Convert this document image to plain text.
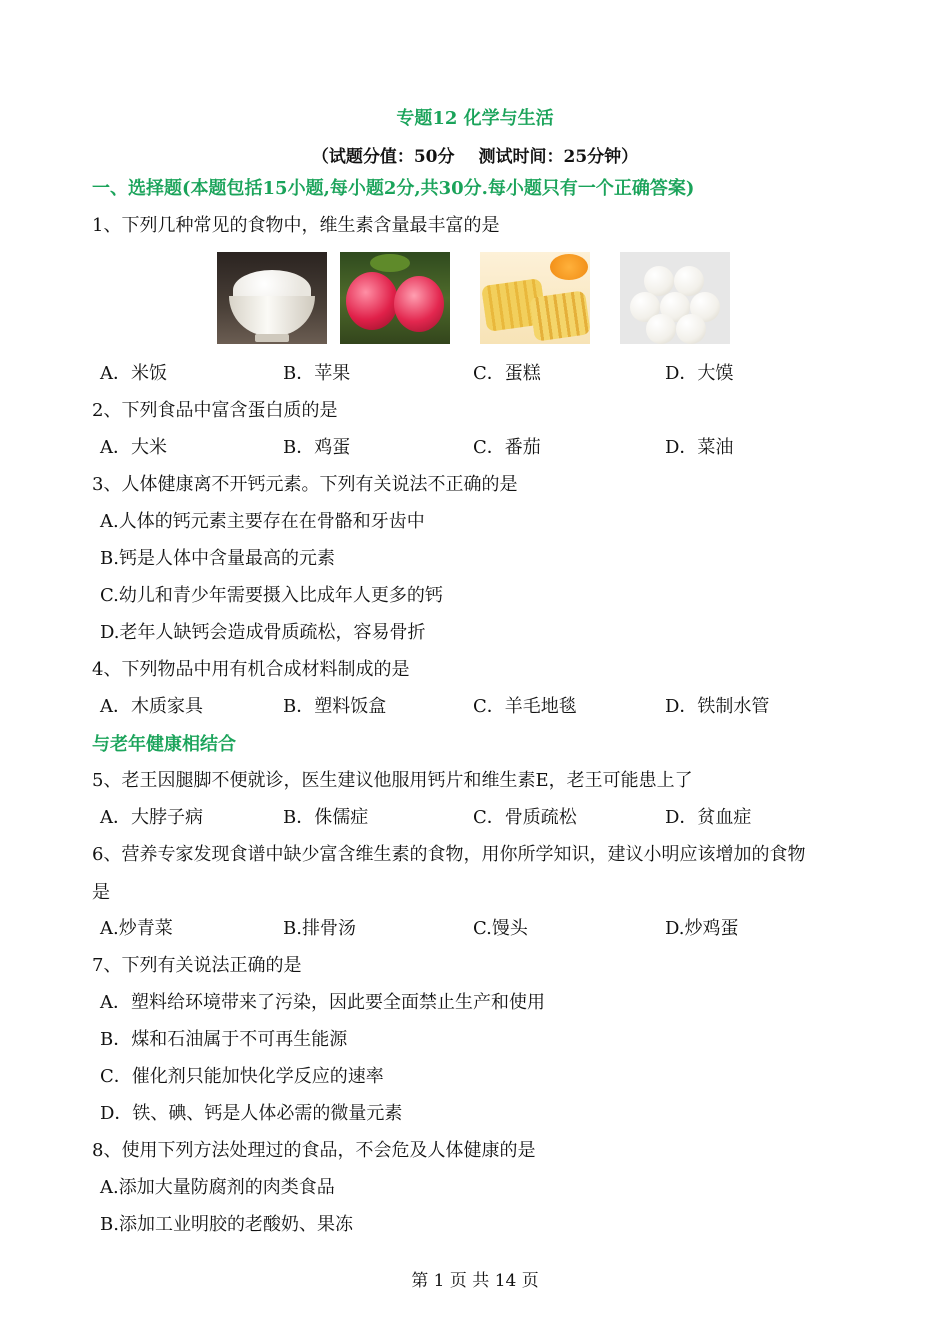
专题12 化学与生活
（试题分值：50分 测试时间：25分钟）
一、选择题(本题包括15小题,每小题2分,共30分.每小题只有一个正确答案)
1、下列几种常见的食物中，维生素含量最丰富的是
A．米饭	B．苹果	C．蛋糕	D．大馍
2、下列食品中富含蛋白质的是
A．大米	B．鸡蛋	C．番茄	D．菜油
3、人体健康离不开钙元素。下列有关说法不正确的是
A.人体的钙元素主要存在在骨骼和牙齿中
B.钙是人体中含量最高的元素
C.幼儿和青少年需要摄入比成年人更多的钙
D.老年人缺钙会造成骨质疏松，容易骨折
4、下列物品中用有机合成材料制成的是
A．木质家具	B．塑料饭盒	C．羊毛地毯	D．铁制水管
与老年健康相结合
5、老王因腿脚不便就诊，医生建议他服用钙片和维生素E，老王可能患上了
A．大脖子病	B．侏儒症	C．骨质疏松	D．贫血症
6、营养专家发现食谱中缺少富含维生素的食物，用你所学知识，建议小明应该增加的食物
是
A.炒青菜	B.排骨汤	C.馒头	D.炒鸡蛋
7、下列有关说法正确的是
A．塑料给环境带来了污染，因此要全面禁止生产和使用
B．煤和石油属于不可再生能源
C．催化剂只能加快化学反应的速率
D．铁、碘、钙是人体必需的微量元素
8、使用下列方法处理过的食品，不会危及人体健康的是
A.添加大量防腐剂的肉类食品
B.添加工业明胶的老酸奶、果冻
第 1 页 共 14 页
